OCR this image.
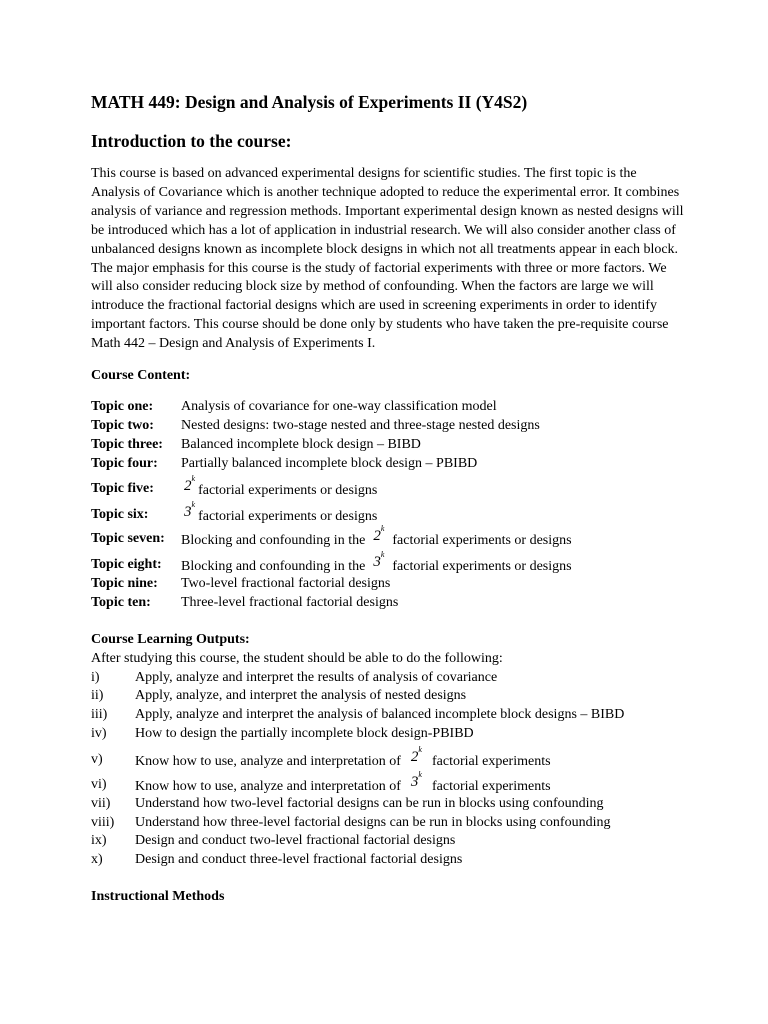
MATH 449: Design and Analysis of Experiments II (Y4S2)
Introduction to the course:
This course is based on advanced experimental designs for scientific studies. The first topic is the
Analysis of Covariance which is another technique adopted to reduce the experimental error. It combines
analysis of variance and regression methods. Important experimental design known as nested designs will
be introduced which has a lot of application in industrial research. We will also consider another class of
unbalanced designs known as incomplete block designs in which not all treatments appear in each block.
The major emphasis for this course is the study of factorial experiments with three or more factors. We
will also consider reducing block size by method of confounding. When the factors are large we will
introduce the fractional factorial designs which are used in screening experiments in order to identify
important factors. This course should be done only by students who have taken the pre-requisite course
Math 442 – Design and Analysis of Experiments I.
Course Content:
Topic one: Analysis of covariance for one-way classification model
Topic two: Nested designs: two-stage nested and three-stage nested designs
Topic three: Balanced incomplete block design – BIBD
Topic four: Partially balanced incomplete block design – PBIBD
Topic five: 2$^k$factorial experiments or designs
Topic six: 3$^k$factorial experiments or designs
Topic seven: Blocking and confounding in the 2$^k$factorial experiments or designs
Topic eight: Blocking and confounding in the 3$^k$factorial experiments or designs
Topic nine: Two-level fractional factorial designs
Topic ten: Three-level fractional factorial designs
Course Learning Outputs:
After studying this course, the student should be able to do the following:
i)	Apply, analyze and interpret the results of analysis of covariance
ii) Apply, analyze, and interpret the analysis of nested designs
iii) Apply, analyze and interpret the analysis of balanced incomplete block designs – BIBD
iv) How to design the partially incomplete block design-PBIBD
v) Know how to use, analyze and interpretation of 2$^k$factorial experiments
vi) Know how to use, analyze and interpretation of 3$^k$factorial experiments
vii) Understand how two-level factorial designs can be run in blocks using confounding
viii) Understand how three-level factorial designs can be run in blocks using confounding
ix) Design and conduct two-level fractional factorial designs
x) Design and conduct three-level fractional factorial designs
Instructional Methods
